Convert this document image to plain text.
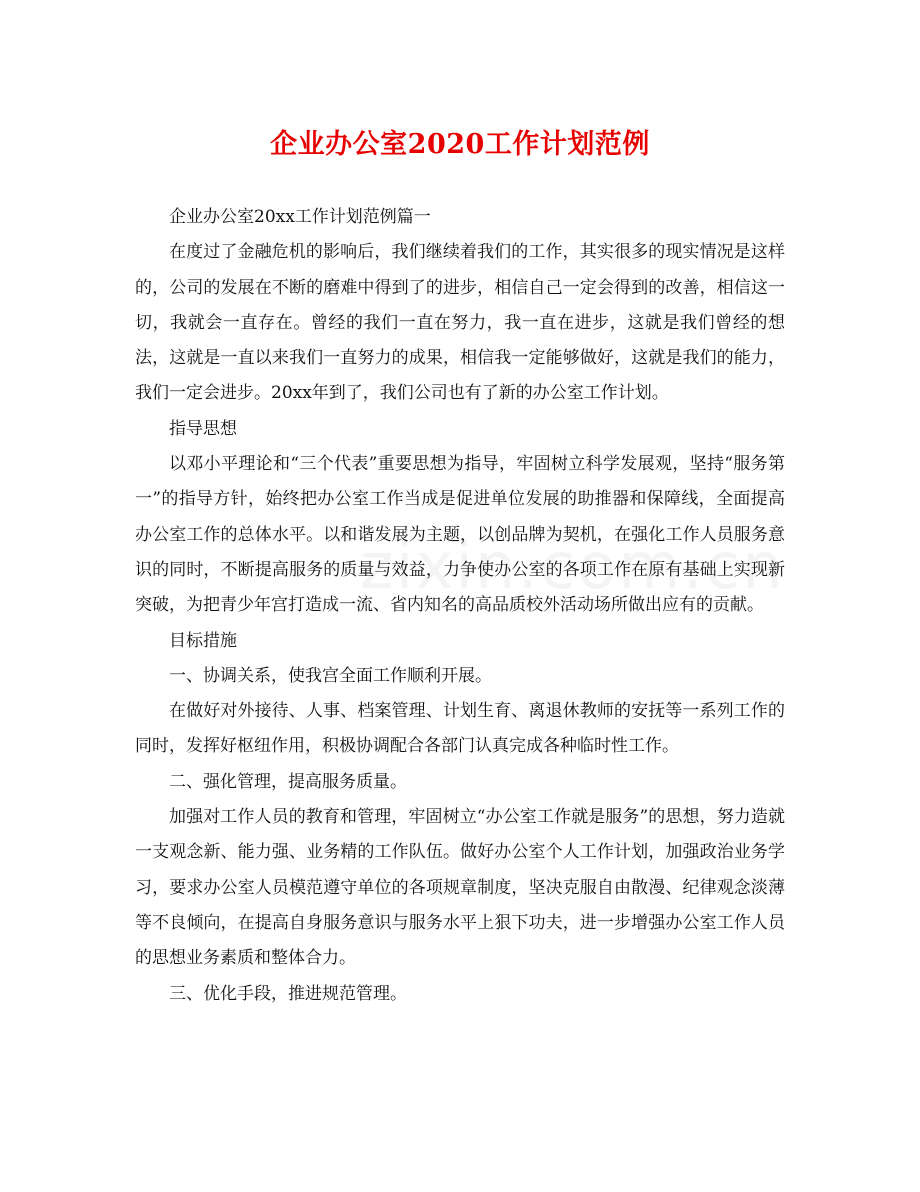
企业办公室2020工作计划范例

企业办公室20xx工作计划范例篇一

在度过了金融危机的影响后，我们继续着我们的工作，其实很多的现实情况是这样的，公司的发展在不断的磨难中得到了的进步，相信自己一定会得到的改善，相信这一切，我就会一直存在。曾经的我们一直在努力，我一直在进步，这就是我们曾经的想法，这就是一直以来我们一直努力的成果，相信我一定能够做好，这就是我们的能力，我们一定会进步。20xx年到了，我们公司也有了新的办公室工作计划。

指导思想

以邓小平理论和“三个代表”重要思想为指导，牢固树立科学发展观，坚持“服务第一”的指导方针，始终把办公室工作当成是促进单位发展的助推器和保障线，全面提高办公室工作的总体水平。以和谐发展为主题，以创品牌为契机，在强化工作人员服务意识的同时，不断提高服务的质量与效益，力争使办公室的各项工作在原有基础上实现新突破，为把青少年宫打造成一流、省内知名的高品质校外活动场所做出应有的贡献。

目标措施

一、协调关系，使我宫全面工作顺利开展。

在做好对外接待、人事、档案管理、计划生育、离退休教师的安抚等一系列工作的同时，发挥好枢纽作用，积极协调配合各部门认真完成各种临时性工作。

二、强化管理，提高服务质量。

加强对工作人员的教育和管理，牢固树立“办公室工作就是服务”的思想，努力造就一支观念新、能力强、业务精的工作队伍。做好办公室个人工作计划，加强政治业务学习，要求办公室人员模范遵守单位的各项规章制度，坚决克服自由散漫、纪律观念淡薄等不良倾向，在提高自身服务意识与服务水平上狠下功夫，进一步增强办公室工作人员的思想业务素质和整体合力。

三、优化手段，推进规范管理。
